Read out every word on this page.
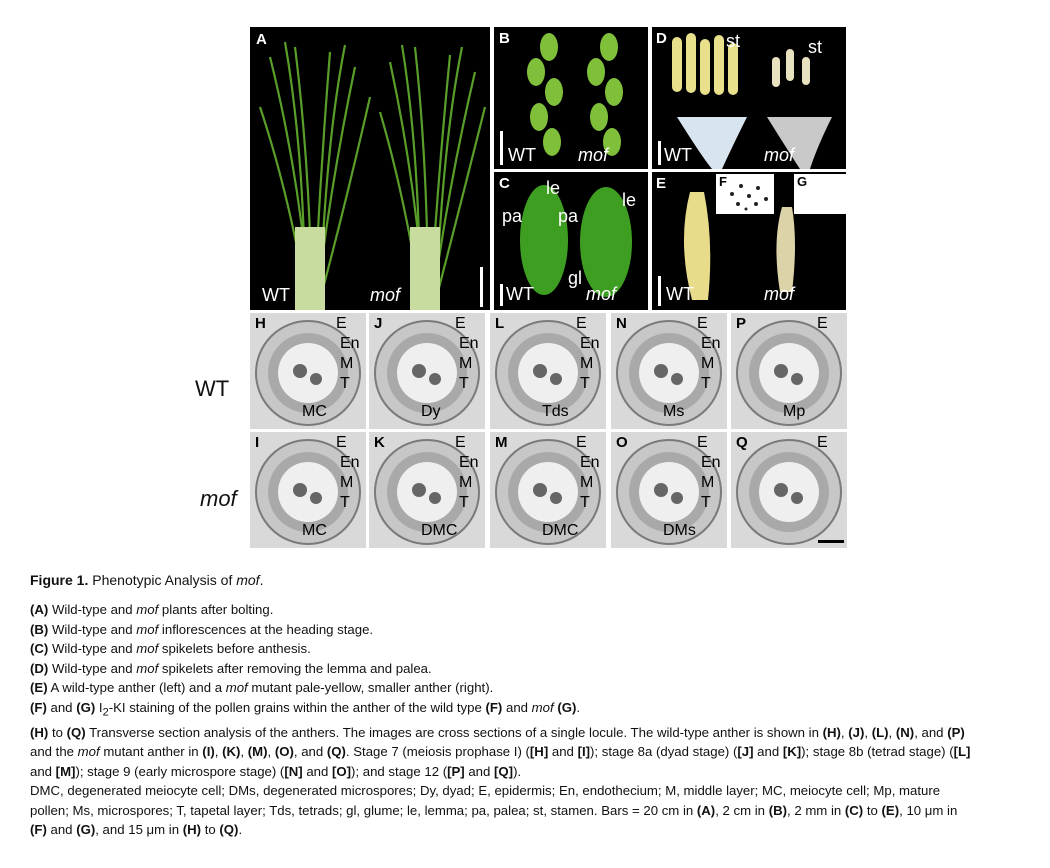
A
WT	mof
B
WT mof
C le
pa pa
le
gl
WT	mof
D	st	st
WT	mof
E
WT	mof
F	G
WT
mof
H	E
En
M
T
MC
J	E
En
M
T
Dy
L	E
En
M
T
Tds
N	E
En
M
T
Ms
P	E
Mp
I	E
En
M
T
MC
K	E
En
M
T
DMC
M	E
En
M
T
DMC
O	E
En
M
T
DMs
Q	E
Figure 1. Phenotypic Analysis of mof.

(A) Wild-type and mof plants after bolting.

(B) Wild-type and mof inflorescences at the heading stage.

(C) Wild-type and mof spikelets before anthesis.

(D) Wild-type and mof spikelets after removing the lemma and palea.

(E) A wild-type anther (left) and a mof mutant pale-yellow, smaller anther (right).

(F) and (G) $I_2-KI$ staining of the pollen grains within the anther of the wild type (F) and mof (G).

(H) to (Q) Transverse section analysis of the anthers. The images are cross sections of a single locule. The wild-type anther is shown in (H), (J), (L), (N), and (P)

and the mof mutant anther in (I), (K), (M), (O), and (Q). Stage 7 (meiosis prophase I) ([H] and [I]); stage 8a (dyad stage) ([J] and [K]); stage 8b (tetrad stage) ([L]

and [M]); stage 9 (early microspore stage) ([N] and [O]); and stage 12 ([P] and [Q]).

DMC, degenerated meiocyte cell; DMs, degenerated microspores; Dy, dyad; E, epidermis; En, endothecium; M, middle layer; MC, meiocyte cell; Mp, mature

pollen; Ms, microspores; T, tapetal layer; Tds, tetrads; gl, glume; le, lemma; pa, palea; st, stamen. Bars = 20 cm in (A), 2 cm in (B), 2 mm in (C) to (E), 10 μm in

(F) and (G), and 15 μm in (H) to (Q).
